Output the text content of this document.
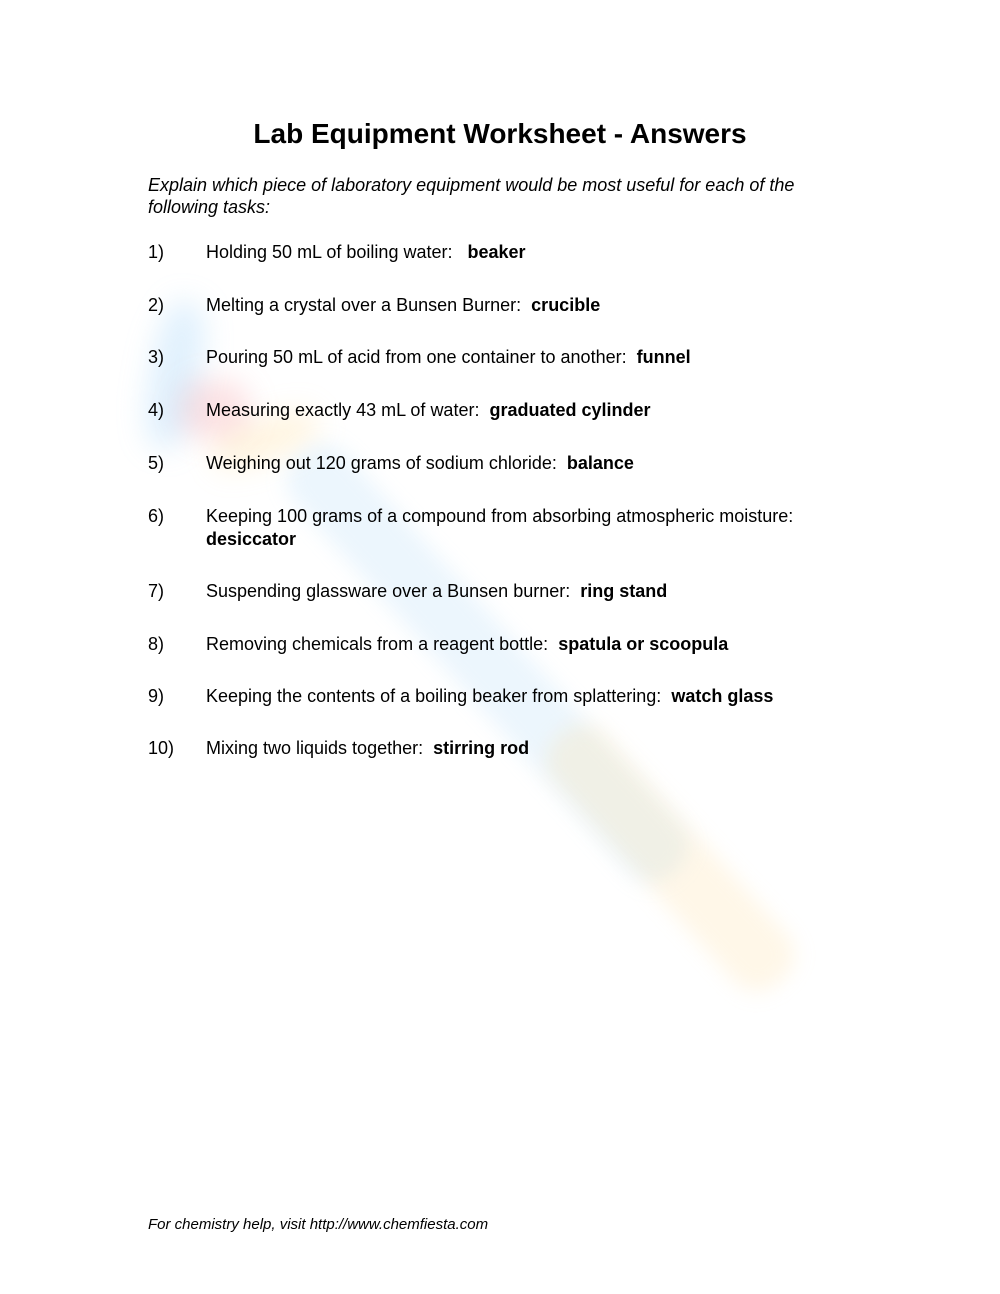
Lab Equipment Worksheet - Answers
Explain which piece of laboratory equipment would be most useful for each of the following tasks:
1) Holding 50 mL of boiling water: beaker
2) Melting a crystal over a Bunsen Burner: crucible
3) Pouring 50 mL of acid from one container to another: funnel
4) Measuring exactly 43 mL of water: graduated cylinder
5) Weighing out 120 grams of sodium chloride: balance
6) Keeping 100 grams of a compound from absorbing atmospheric moisture:
desiccator
7) Suspending glassware over a Bunsen burner: ring stand
8) Removing chemicals from a reagent bottle: spatula or scoopula
9) Keeping the contents of a boiling beaker from splattering: watch glass
10) Mixing two liquids together: stirring rod
For chemistry help, visit http://www.chemfiesta.com
